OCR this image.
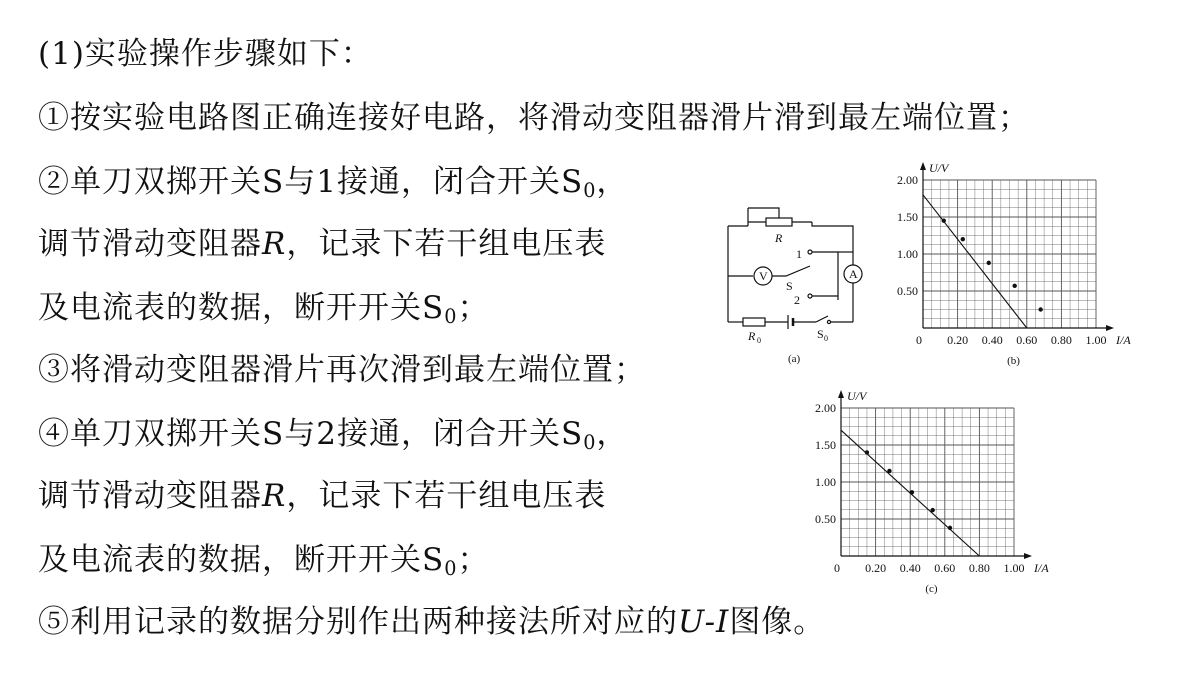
(1)实验操作步骤如下：
①按实验电路图正确连接好电路，将滑动变阻器滑片滑到最左端位置；
②单刀双掷开关S与1接通，闭合开关$S_0$，
调节滑动变阻器R，记录下若干组电压表
及电流表的数据，断开开关$S_0$；
③将滑动变阻器滑片再次滑到最左端位置；
④单刀双掷开关S与2接通，闭合开关$S_0$，
调节滑动变阻器R，记录下若干组电压表
及电流表的数据，断开开关$S_0$；
⑤利用记录的数据分别作出两种接法所对应的U-I图像。
R
V	A
1
S
2
R 0	S 0
(a)
2.00
1.50
1.00
0.50
0 0.20 0.40 0.60 0.80 1.00
U/V
I/A
(b)
2.00
1.50
1.00
0.50
0 0.20 0.40 0.60 0.80 1.00
U/V
I/A
(c)
